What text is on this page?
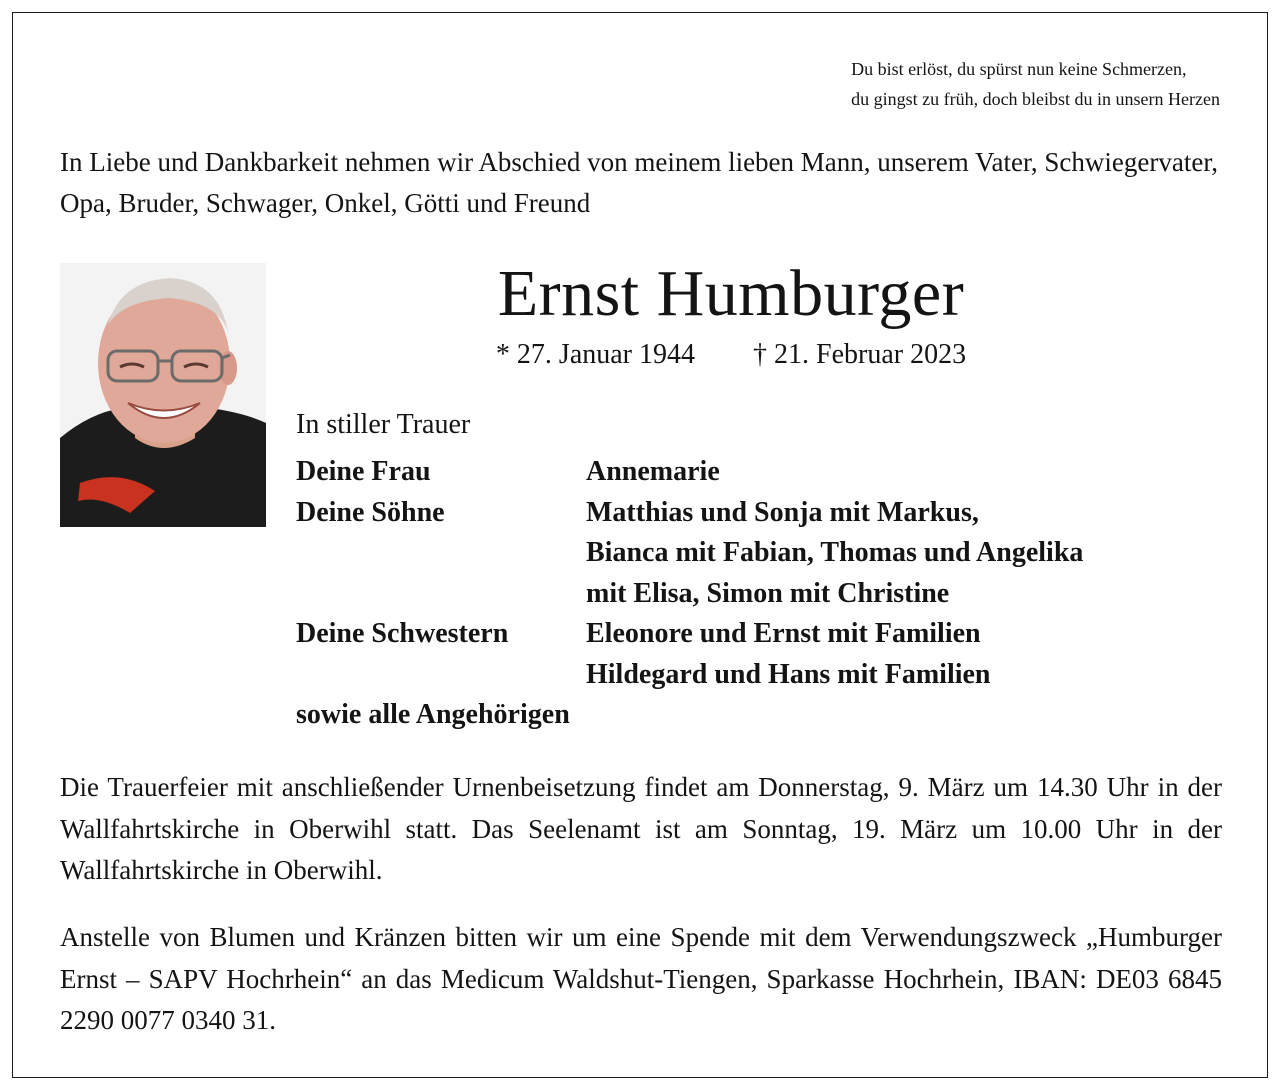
Du bist erlöst, du spürst nun keine Schmerzen,
du gingst zu früh, doch bleibst du in unsern Herzen
In Liebe und Dankbarkeit nehmen wir Abschied von meinem lieben Mann, unserem Vater, Schwiegervater, Opa, Bruder, Schwager, Onkel, Götti und Freund
Ernst Humburger
* 27. Januar 1944 † 21. Februar 2023
In stiller Trauer
Deine Frau	Annemarie
Deine Söhne	Matthias und Sonja mit Markus,
Bianca mit Fabian, Thomas und Angelika
mit Elisa, Simon mit Christine
Deine Schwestern	Eleonore und Ernst mit Familien
Hildegard und Hans mit Familien
sowie alle Angehörigen
Die Trauerfeier mit anschließender Urnenbeisetzung findet am Donnerstag, 9. März um 14.30 Uhr in der Wallfahrtskirche in Oberwihl statt. Das Seelenamt ist am Sonntag, 19. März um 10.00 Uhr in der Wallfahrtskirche in Oberwihl.
Anstelle von Blumen und Kränzen bitten wir um eine Spende mit dem Verwendungszweck „Humburger Ernst – SAPV Hochrhein“ an das Medicum Waldshut-Tiengen, Sparkasse Hochrhein, IBAN: DE03 6845 2290 0077 0340 31.
